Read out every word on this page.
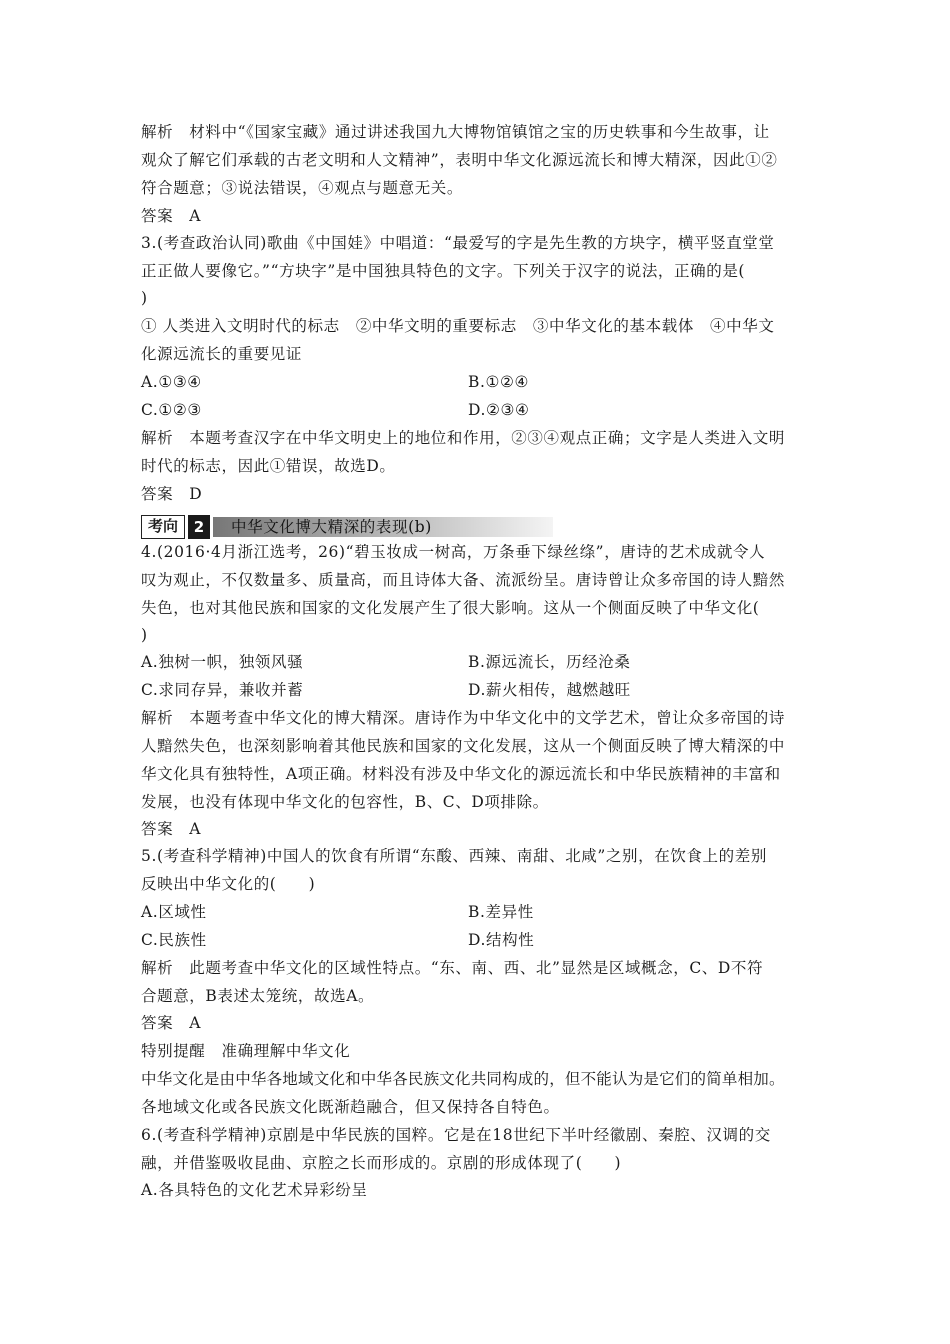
解析　材料中“《国家宝藏》通过讲述我国九大博物馆镇馆之宝的历史轶事和今生故事，让
观众了解它们承载的古老文明和人文精神”，表明中华文化源远流长和博大精深，因此①②
符合题意；③说法错误，④观点与题意无关。
答案　A
3.(考查政治认同)歌曲《中国娃》中唱道：“最爱写的字是先生教的方块字，横平竖直堂堂
正正做人要像它。”“方块字”是中国独具特色的文字。下列关于汉字的说法，正确的是(
)
① 人类进入文明时代的标志　②中华文明的重要标志　③中华文化的基本载体　④中华文
化源远流长的重要见证
A.①③④	B.①②④
C.①②③	D.②③④
解析　本题考查汉字在中华文明史上的地位和作用，②③④观点正确；文字是人类进入文明
时代的标志，因此①错误，故选D。
答案　D
考向	2	中华文化博大精深的表现(b)
4.(2016·4月浙江选考，26)“碧玉妆成一树高，万条垂下绿丝绦”，唐诗的艺术成就令人
叹为观止，不仅数量多、质量高，而且诗体大备、流派纷呈。唐诗曾让众多帝国的诗人黯然
失色，也对其他民族和国家的文化发展产生了很大影响。这从一个侧面反映了中华文化(
)
A.独树一帜，独领风骚	B.源远流长，历经沧桑
C.求同存异，兼收并蓄	D.薪火相传，越燃越旺
解析　本题考查中华文化的博大精深。唐诗作为中华文化中的文学艺术，曾让众多帝国的诗
人黯然失色，也深刻影响着其他民族和国家的文化发展，这从一个侧面反映了博大精深的中
华文化具有独特性，A项正确。材料没有涉及中华文化的源远流长和中华民族精神的丰富和
发展，也没有体现中华文化的包容性，B、C、D项排除。
答案　A
5.(考查科学精神)中国人的饮食有所谓“东酸、西辣、南甜、北咸”之别，在饮食上的差别
反映出中华文化的(　　)
A.区域性	B.差异性
C.民族性	D.结构性
解析　此题考查中华文化的区域性特点。“东、南、西、北”显然是区域概念，C、D不符
合题意，B表述太笼统，故选A。
答案　A
特别提醒　准确理解中华文化
中华文化是由中华各地域文化和中华各民族文化共同构成的，但不能认为是它们的简单相加。
各地域文化或各民族文化既渐趋融合，但又保持各自特色。
6.(考查科学精神)京剧是中华民族的国粹。它是在18世纪下半叶经徽剧、秦腔、汉调的交
融，并借鉴吸收昆曲、京腔之长而形成的。京剧的形成体现了(　　)
A.各具特色的文化艺术异彩纷呈
